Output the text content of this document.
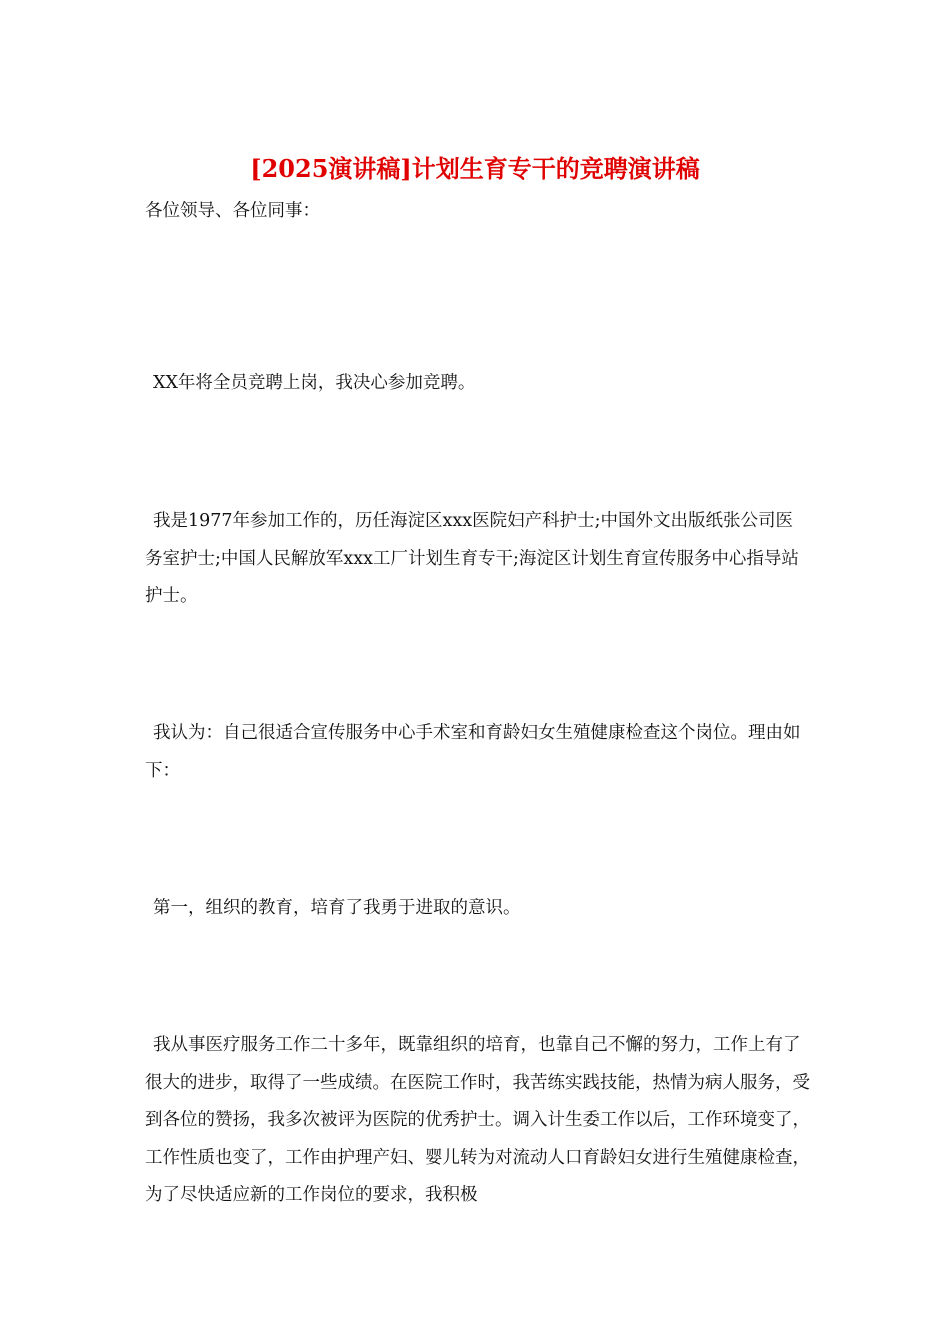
[2025演讲稿]计划生育专干的竞聘演讲稿

各位领导、各位同事：

XX年将全员竞聘上岗，我决心参加竞聘。

我是1977年参加工作的，历任海淀区xxx医院妇产科护士;中国外文出版纸张公司医务室护士;中国人民解放军xxx工厂计划生育专干;海淀区计划生育宣传服务中心指导站护士。

我认为：自己很适合宣传服务中心手术室和育龄妇女生殖健康检查这个岗位。理由如下：

第一，组织的教育，培育了我勇于进取的意识。

我从事医疗服务工作二十多年，既靠组织的培育，也靠自己不懈的努力，工作上有了很大的进步，取得了一些成绩。在医院工作时，我苦练实践技能，热情为病人服务，受到各位的赞扬，我多次被评为医院的优秀护士。调入计生委工作以后，工作环境变了，工作性质也变了，工作由护理产妇、婴儿转为对流动人口育龄妇女进行生殖健康检查，为了尽快适应新的工作岗位的要求，我积极
